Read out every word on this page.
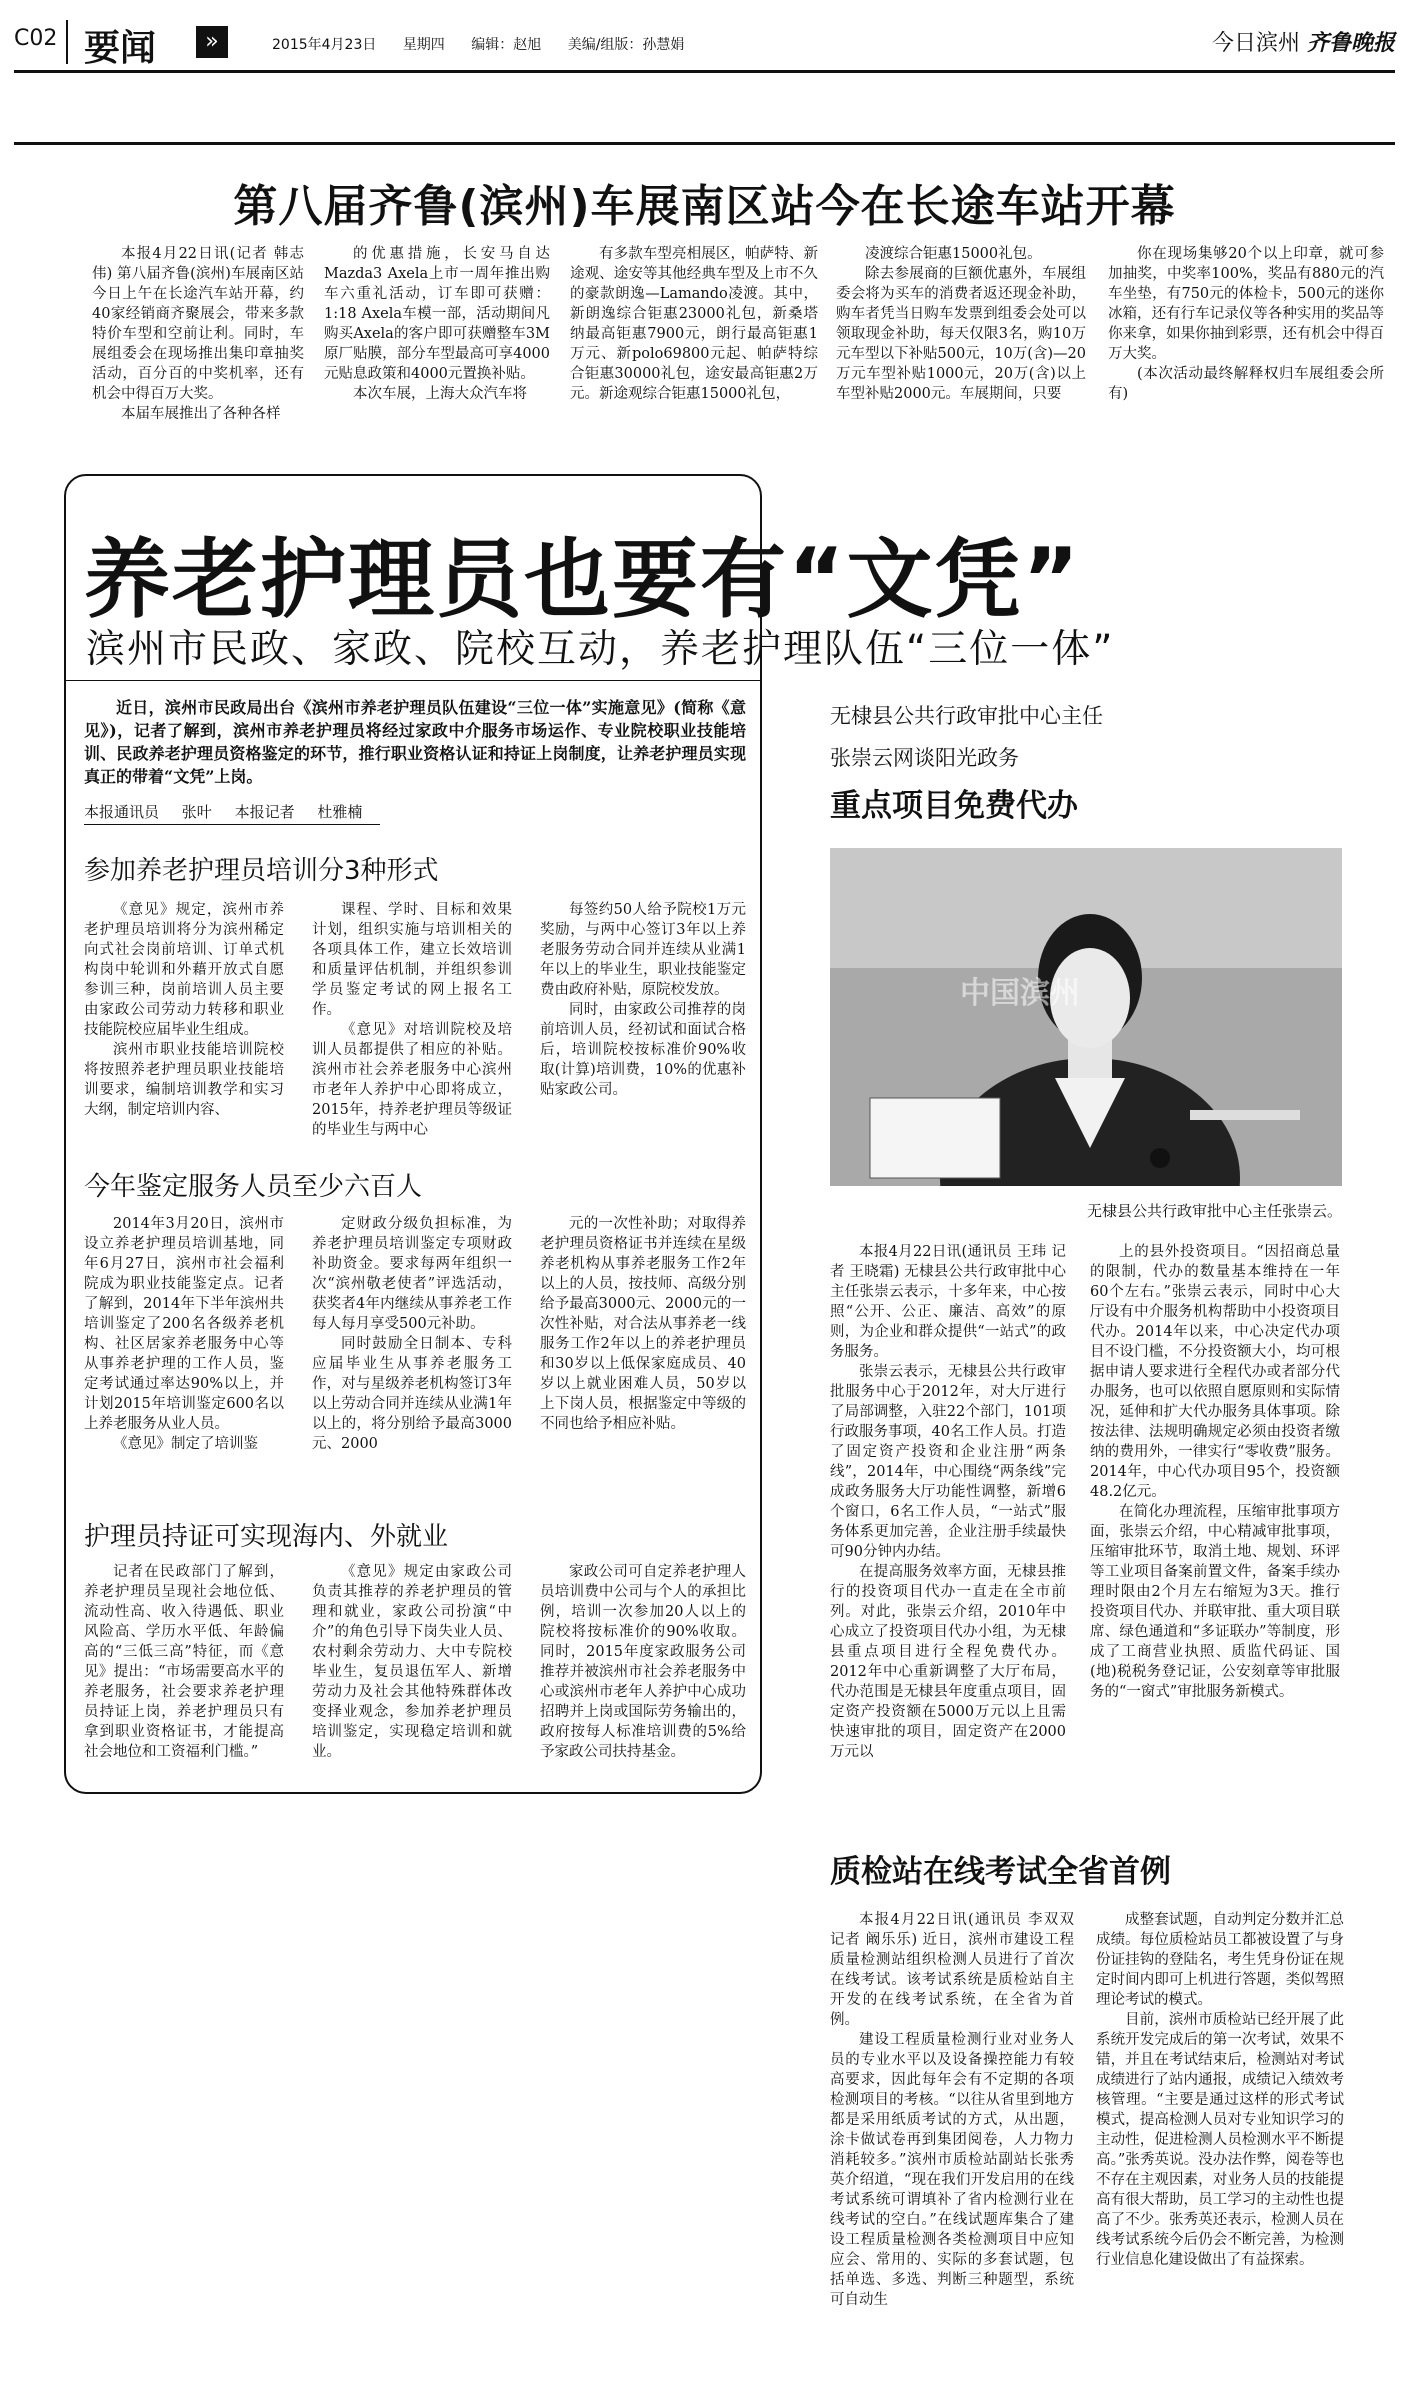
C02 要闻	»	2015年4月23日 星期四 编辑：赵旭 美编/组版：孙慧娟	今日滨州 齐鲁晚报
第八届齐鲁(滨州)车展南区站今在长途车站开幕

本报4月22日讯(记者 韩志伟) 第八届齐鲁(滨州)车展南区站今日上午在长途汽车站开幕，约40家经销商齐聚展会，带来多款特价车型和空前让利。同时，车展组委会在现场推出集印章抽奖活动，百分百的中奖机率，还有机会中得百万大奖。

本届车展推出了各种各样

的优惠措施，长安马自达Mazda3 Axela上市一周年推出购车六重礼活动，订车即可获赠：1:18 Axela车模一部，活动期间凡购买Axela的客户即可获赠整车3M原厂贴膜，部分车型最高可享4000元贴息政策和4000元置换补贴。

本次车展，上海大众汽车将

有多款车型亮相展区，帕萨特、新途观、途安等其他经典车型及上市不久的豪款朗逸—Lamando凌渡。其中，新朗逸综合钜惠23000礼包，新桑塔纳最高钜惠7900元，朗行最高钜惠1万元、新polo69800元起、帕萨特综合钜惠30000礼包，途安最高钜惠2万元。新途观综合钜惠15000礼包，

凌渡综合钜惠15000礼包。

除去参展商的巨额优惠外，车展组委会将为买车的消费者返还现金补助，购车者凭当日购车发票到组委会处可以领取现金补助，每天仅限3名，购10万元车型以下补贴500元，10万(含)—20万元车型补贴1000元，20万(含)以上车型补贴2000元。车展期间，只要

你在现场集够20个以上印章，就可参加抽奖，中奖率100%，奖品有880元的汽车坐垫，有750元的体检卡，500元的迷你冰箱，还有行车记录仪等各种实用的奖品等你来拿，如果你抽到彩票，还有机会中得百万大奖。

(本次活动最终解释权归车展组委会所有)

养老护理员也要有“文凭”
滨州市民政、家政、院校互动，养老护理队伍“三位一体”

近日，滨州市民政局出台《滨州市养老护理员队伍建设“三位一体”实施意见》(简称《意见》)，记者了解到，滨州市养老护理员将经过家政中介服务市场运作、专业院校职业技能培训、民政养老护理员资格鉴定的环节，推行职业资格认证和持证上岗制度，让养老护理员实现真正的带着“文凭”上岗。

本报通讯员 张叶 本报记者 杜雅楠
参加养老护理员培训分3种形式

《意见》规定，滨州市养老护理员培训将分为滨州稀定向式社会岗前培训、订单式机构岗中轮训和外藉开放式自愿参训三种，岗前培训人员主要由家政公司劳动力转移和职业技能院校应届毕业生组成。

滨州市职业技能培训院校将按照养老护理员职业技能培训要求，编制培训教学和实习大纲，制定培训内容、

课程、学时、目标和效果计划，组织实施与培训相关的各项具体工作，建立长效培训和质量评估机制，并组织参训学员鉴定考试的网上报名工作。

《意见》对培训院校及培训人员都提供了相应的补贴。滨州市社会养老服务中心滨州市老年人养护中心即将成立，2015年，持养老护理员等级证的毕业生与两中心

每签约50人给予院校1万元奖励，与两中心签订3年以上养老服务劳动合同并连续从业满1年以上的毕业生，职业技能鉴定费由政府补贴，原院校发放。

同时，由家政公司推荐的岗前培训人员，经初试和面试合格后，培训院校按标准价90%收取(计算)培训费，10%的优惠补贴家政公司。

今年鉴定服务人员至少六百人

2014年3月20日，滨州市设立养老护理员培训基地，同年6月27日，滨州市社会福利院成为职业技能鉴定点。记者了解到，2014年下半年滨州共培训鉴定了200名各级养老机构、社区居家养老服务中心等从事养老护理的工作人员，鉴定考试通过率达90%以上，并计划2015年培训鉴定600名以上养老服务从业人员。

《意见》制定了培训鉴

定财政分级负担标准，为养老护理员培训鉴定专项财政补助资金。要求每两年组织一次“滨州敬老使者”评选活动，获奖者4年内继续从事养老工作每人每月享受500元补助。

同时鼓励全日制本、专科应届毕业生从事养老服务工作，对与星级养老机构签订3年以上劳动合同并连续从业满1年以上的，将分别给予最高3000元、2000

元的一次性补助；对取得养老护理员资格证书并连续在星级养老机构从事养老服务工作2年以上的人员，按技师、高级分别给予最高3000元、2000元的一次性补贴，对合法从事养老一线服务工作2年以上的养老护理员和30岁以上低保家庭成员、40岁以上就业困难人员，50岁以上下岗人员，根据鉴定中等级的不同也给予相应补贴。

护理员持证可实现海内、外就业

记者在民政部门了解到，养老护理员呈现社会地位低、流动性高、收入待遇低、职业风险高、学历水平低、年龄偏高的“三低三高”特征，而《意见》提出：“市场需要高水平的养老服务，社会要求养老护理员持证上岗，养老护理员只有拿到职业资格证书，才能提高社会地位和工资福利门槛。”

《意见》规定由家政公司负责其推荐的养老护理员的管理和就业，家政公司扮演“中介”的角色引导下岗失业人员、农村剩余劳动力、大中专院校毕业生，复员退伍军人、新增劳动力及社会其他特殊群体改变择业观念，参加养老护理员培训鉴定，实现稳定培训和就业。

家政公司可自定养老护理人员培训费中公司与个人的承担比例，培训一次参加20人以上的院校将按标准价的90%收取。同时，2015年度家政服务公司推荐并被滨州市社会养老服务中心或滨州市老年人养护中心成功招聘并上岗或国际劳务输出的，政府按每人标准培训费的5%给予家政公司扶持基金。

无棣县公共行政审批中心主任
张崇云网谈阳光政务
重点项目免费代办
中国滨州
无棣县公共行政审批中心主任张崇云。

本报4月22日讯(通讯员 王玮 记者 王晓霜) 无棣县公共行政审批中心主任张崇云表示，十多年来，中心按照“公开、公正、廉洁、高效”的原则，为企业和群众提供“一站式”的政务服务。

张崇云表示，无棣县公共行政审批服务中心于2012年，对大厅进行了局部调整，入驻22个部门，101项行政服务事项，40名工作人员。打造了固定资产投资和企业注册“两条线”，2014年，中心围绕“两条线”完成政务服务大厅功能性调整，新增6个窗口，6名工作人员，“一站式”服务体系更加完善，企业注册手续最快可90分钟内办结。

在提高服务效率方面，无棣县推行的投资项目代办一直走在全市前列。对此，张崇云介绍，2010年中心成立了投资项目代办小组，为无棣县重点项目进行全程免费代办。2012年中心重新调整了大厅布局，代办范围是无棣县年度重点项目，固定资产投资额在5000万元以上且需快速审批的项目，固定资产在2000万元以

上的县外投资项目。“因招商总量的限制，代办的数量基本维持在一年60个左右。”张崇云表示，同时中心大厅设有中介服务机构帮助中小投资项目代办。2014年以来，中心决定代办项目不设门槛，不分投资额大小，均可根据申请人要求进行全程代办或者部分代办服务，也可以依照自愿原则和实际情况，延伸和扩大代办服务具体事项。除按法律、法规明确规定必须由投资者缴纳的费用外，一律实行“零收费”服务。2014年，中心代办项目95个，投资额48.2亿元。

在简化办理流程，压缩审批事项方面，张崇云介绍，中心精减审批事项，压缩审批环节，取消土地、规划、环评等工业项目备案前置文件，备案手续办理时限由2个月左右缩短为3天。推行投资项目代办、并联审批、重大项目联席、绿色通道和“多证联办”等制度，形成了工商营业执照、质监代码证、国(地)税税务登记证，公安刻章等审批服务的“一窗式”审批服务新模式。

质检站在线考试全省首例

本报4月22日讯(通讯员 李双双 记者 阚乐乐) 近日，滨州市建设工程质量检测站组织检测人员进行了首次在线考试。该考试系统是质检站自主开发的在线考试系统，在全省为首例。

建设工程质量检测行业对业务人员的专业水平以及设备操控能力有较高要求，因此每年会有不定期的各项检测项目的考核。“以往从省里到地方都是采用纸质考试的方式，从出题，涂卡做试卷再到集团阅卷，人力物力消耗较多。”滨州市质检站副站长张秀英介绍道，“现在我们开发启用的在线考试系统可谓填补了省内检测行业在线考试的空白。”在线试题库集合了建设工程质量检测各类检测项目中应知应会、常用的、实际的多套试题，包括单选、多选、判断三种题型，系统可自动生

成整套试题，自动判定分数并汇总成绩。每位质检站员工都被设置了与身份证挂钩的登陆名，考生凭身份证在规定时间内即可上机进行答题，类似驾照理论考试的模式。

目前，滨州市质检站已经开展了此系统开发完成后的第一次考试，效果不错，并且在考试结束后，检测站对考试成绩进行了站内通报，成绩记入绩效考核管理。“主要是通过这样的形式考试模式，提高检测人员对专业知识学习的主动性，促进检测人员检测水平不断提高。”张秀英说。没办法作弊，阅卷等也不存在主观因素，对业务人员的技能提高有很大帮助，员工学习的主动性也提高了不少。张秀英还表示，检测人员在线考试系统今后仍会不断完善，为检测行业信息化建设做出了有益探索。
